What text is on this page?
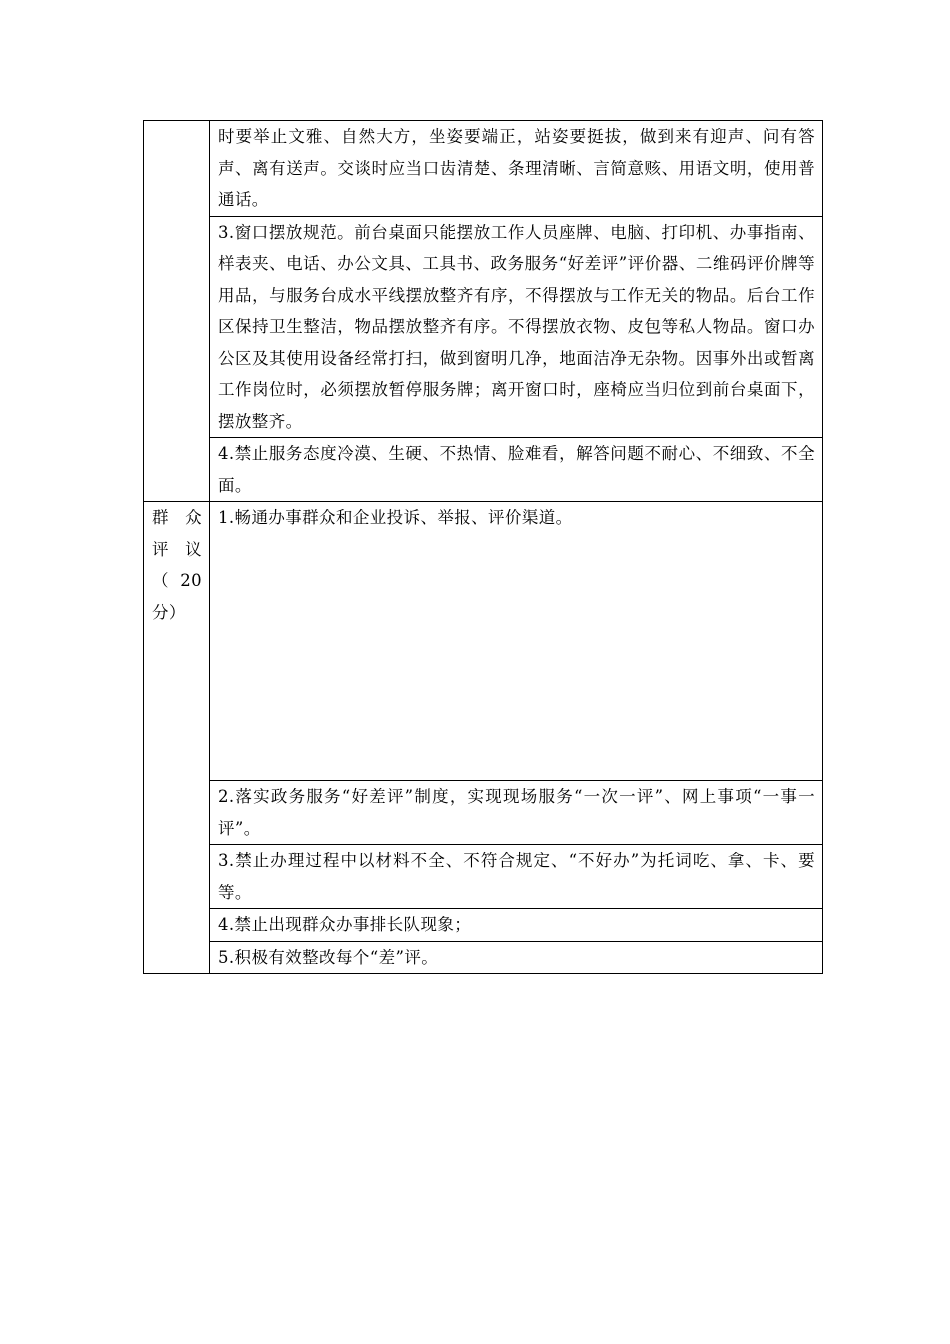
	时要举止文雅、自然大方，坐姿要端正，站姿要挺拔，做到来有迎声、问有答声、离有送声。交谈时应当口齿清楚、条理清晰、言简意赅、用语文明，使用普通话。
	3.窗口摆放规范。前台桌面只能摆放工作人员座牌、电脑、打印机、办事指南、样表夹、电话、办公文具、工具书、政务服务“好差评”评价器、二维码评价牌等用品，与服务台成水平线摆放整齐有序，不得摆放与工作无关的物品。后台工作区保持卫生整洁，物品摆放整齐有序。不得摆放衣物、皮包等私人物品。窗口办公区及其使用设备经常打扫，做到窗明几净，地面洁净无杂物。因事外出或暂离工作岗位时，必须摆放暂停服务牌；离开窗口时，座椅应当归位到前台桌面下，摆放整齐。
	4.禁止服务态度冷漠、生硬、不热情、脸难看，解答问题不耐心、不细致、不全面。

群 众评议（ 20分）	1.畅通办事群众和企业投诉、举报、评价渠道。
	2.落实政务服务“好差评”制度，实现现场服务“一次一评”、网上事项“一事一评”。
	3.禁止办理过程中以材料不全、不符合规定、“不好办”为托词吃、拿、卡、要等。
	4.禁止出现群众办事排长队现象；
	5.积极有效整改每个“差”评。
